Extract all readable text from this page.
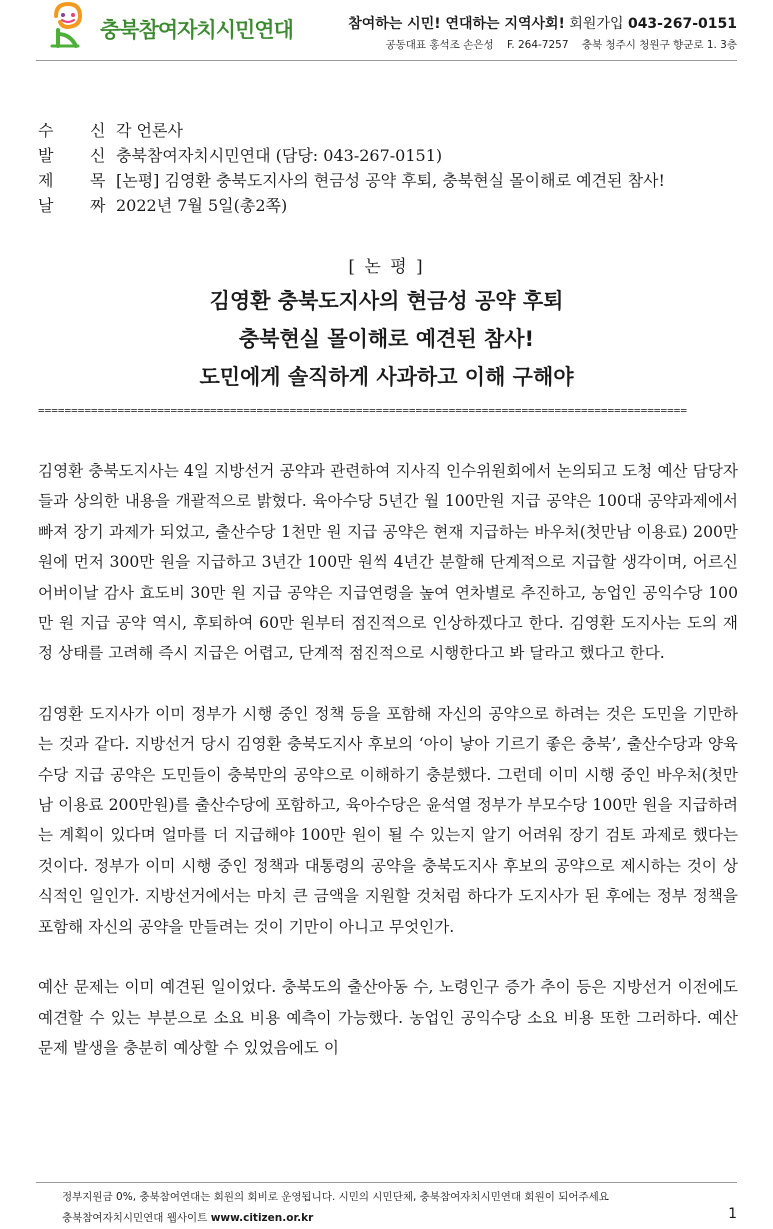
충북참여자치시민연대	참여하는 시민! 연대하는 지역사회! 회원가입 043-267-0151
공동대표 홍석조 손은성 F. 264-7257 충북 청주시 청원구 향군로 1. 3층
수 신 각 언론사
발 신 충북참여자치시민연대 (담당: 043-267-0151)
제 목 [논평] 김영환 충북도지사의 현금성 공약 후퇴, 충북현실 몰이해로 예견된 참사!
날 짜 2022년 7월 5일(총2쪽)
[ 논 평 ]
김영환 충북도지사의 현금성 공약 후퇴
충북현실 몰이해로 예견된 참사!
도민에게 솔직하게 사과하고 이해 구해야
==================================================================================================

김영환 충북도지사는 4일 지방선거 공약과 관련하여 지사직 인수위원회에서 논의되고 도청 예산 담당자들과 상의한 내용을 개괄적으로 밝혔다. 육아수당 5년간 월 100만원 지급 공약은 100대 공약과제에서 빠져 장기 과제가 되었고, 출산수당 1천만 원 지급 공약은 현재 지급하는 바우처(첫만남 이용료) 200만 원에 먼저 300만 원을 지급하고 3년간 100만 원씩 4년간 분할해 단계적으로 지급할 생각이며, 어르신 어버이날 감사 효도비 30만 원 지급 공약은 지급연령을 높여 연차별로 추진하고, 농업인 공익수당 100만 원 지급 공약 역시, 후퇴하여 60만 원부터 점진적으로 인상하겠다고 한다. 김영환 도지사는 도의 재정 상태를 고려해 즉시 지급은 어렵고, 단계적 점진적으로 시행한다고 봐 달라고 했다고 한다.

김영환 도지사가 이미 정부가 시행 중인 정책 등을 포함해 자신의 공약으로 하려는 것은 도민을 기만하는 것과 같다. 지방선거 당시 김영환 충북도지사 후보의 ‘아이 낳아 기르기 좋은 충북’, 출산수당과 양육수당 지급 공약은 도민들이 충북만의 공약으로 이해하기 충분했다. 그런데 이미 시행 중인 바우처(첫만남 이용료 200만원)를 출산수당에 포함하고, 육아수당은 윤석열 정부가 부모수당 100만 원을 지급하려는 계획이 있다며 얼마를 더 지급해야 100만 원이 될 수 있는지 알기 어려워 장기 검토 과제로 했다는 것이다. 정부가 이미 시행 중인 정책과 대통령의 공약을 충북도지사 후보의 공약으로 제시하는 것이 상식적인 일인가. 지방선거에서는 마치 큰 금액을 지원할 것처럼 하다가 도지사가 된 후에는 정부 정책을 포함해 자신의 공약을 만들려는 것이 기만이 아니고 무엇인가.

예산 문제는 이미 예견된 일이었다. 충북도의 출산아동 수, 노령인구 증가 추이 등은 지방선거 이전에도 예견할 수 있는 부분으로 소요 비용 예측이 가능했다. 농업인 공익수당 소요 비용 또한 그러하다. 예산 문제 발생을 충분히 예상할 수 있었음에도 이

정부지원금 0%, 충북참여연대는 회원의 회비로 운영됩니다. 시민의 시민단체, 충북참여자치시민연대 회원이 되어주세요
충북참여자치시민연대 웹사이트 www.citizen.or.kr	1
